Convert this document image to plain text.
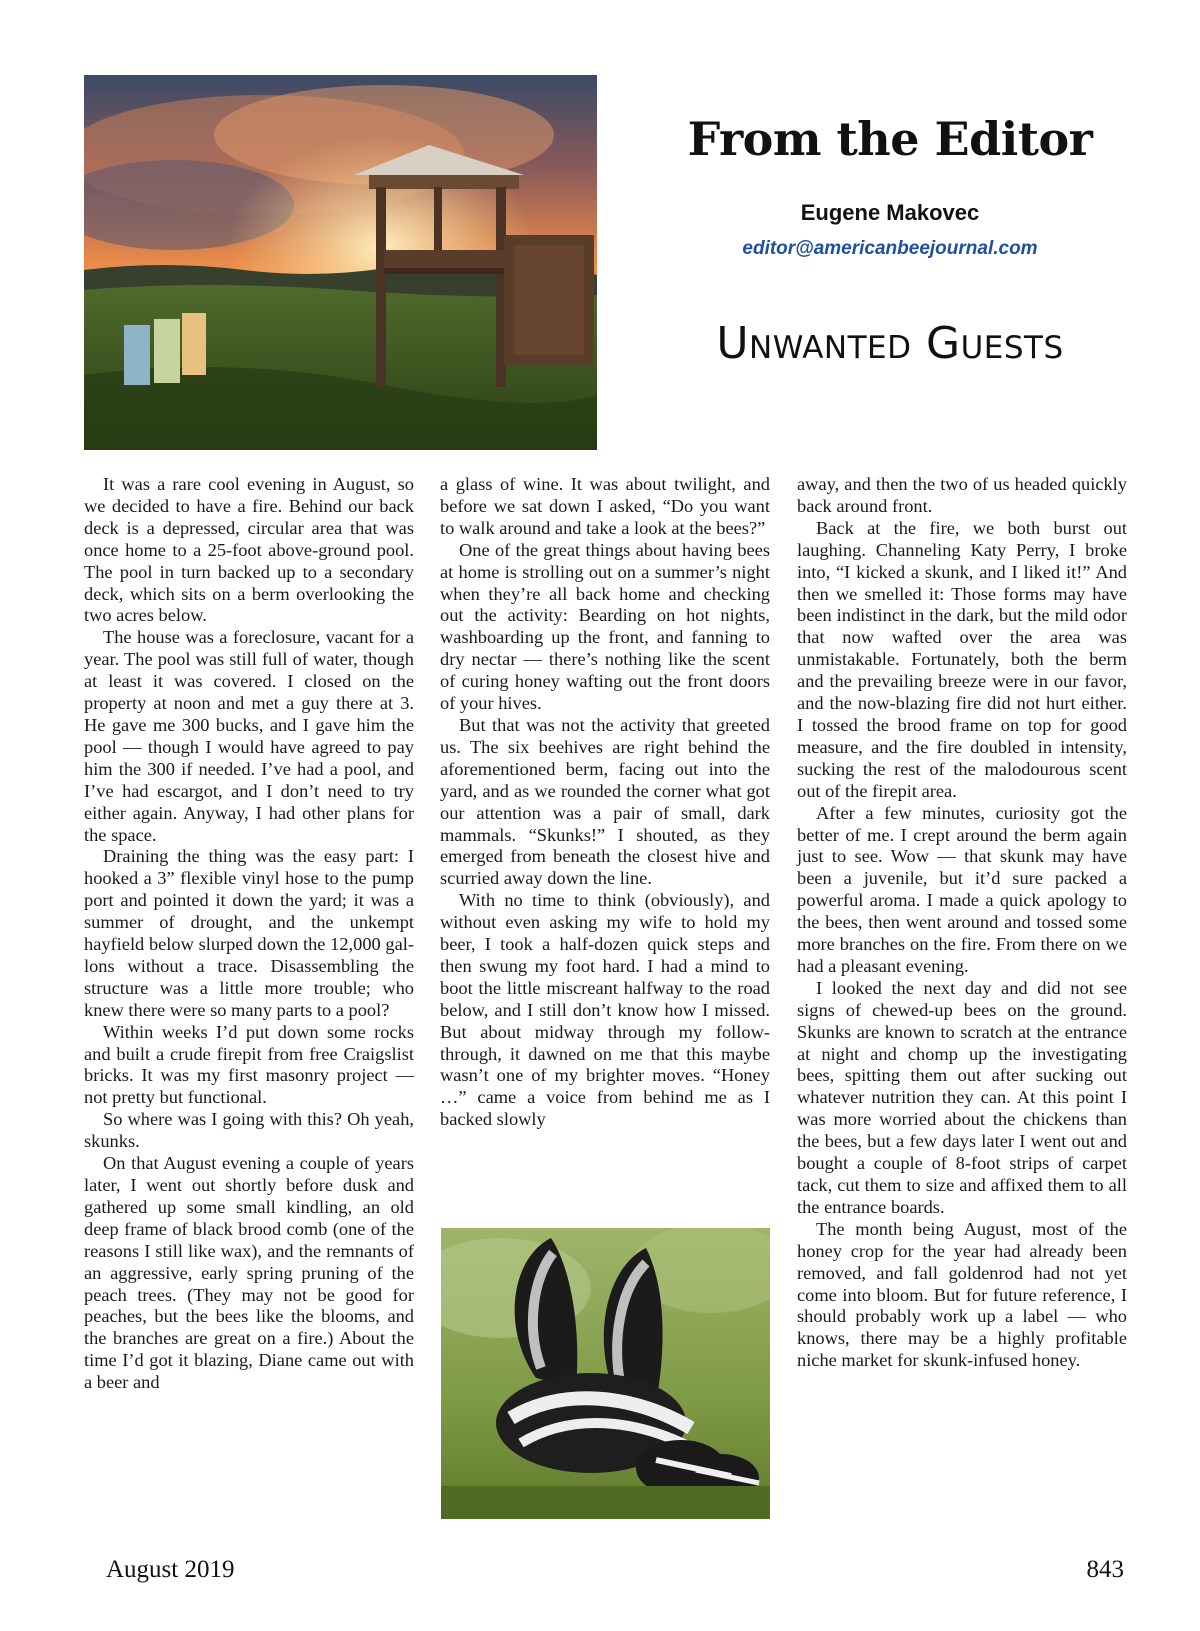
From the Editor
Eugene Makovec
editor@americanbeejournal.com
Unwanted Guests

It was a rare cool evening in August, so we decided to have a fire. Behind our back deck is a depressed, circular area that was once home to a 25-foot above-ground pool. The pool in turn backed up to a secondary deck, which sits on a berm overlooking the two acres below.

The house was a foreclosure, vacant for a year. The pool was still full of water, though at least it was covered. I closed on the property at noon and met a guy there at 3. He gave me 300 bucks, and I gave him the pool — though I would have agreed to pay him the 300 if needed. I’ve had a pool, and I’ve had escargot, and I don’t need to try either again. Anyway, I had other plans for the space.

Draining the thing was the easy part: I hooked a 3” flexible vinyl hose to the pump port and pointed it down the yard; it was a summer of drought, and the unkempt hayfield below slurped down the 12,000 gallons without a trace. Disassembling the structure was a little more trouble; who knew there were so many parts to a pool?

Within weeks I’d put down some rocks and built a crude firepit from free Craigslist bricks. It was my first masonry project — not pretty but functional.

So where was I going with this? Oh yeah, skunks.

On that August evening a couple of years later, I went out shortly before dusk and gathered up some small kindling, an old deep frame of black brood comb (one of the reasons I still like wax), and the remnants of an aggressive, early spring pruning of the peach trees. (They may not be good for peaches, but the bees like the blooms, and the branches are great on a fire.) About the time I’d got it blazing, Diane came out with a beer and

a glass of wine. It was about twilight, and before we sat down I asked, “Do you want to walk around and take a look at the bees?”

One of the great things about having bees at home is strolling out on a summer’s night when they’re all back home and checking out the activity: Bearding on hot nights, washboarding up the front, and fanning to dry nectar — there’s nothing like the scent of curing honey wafting out the front doors of your hives.

But that was not the activity that greeted us. The six beehives are right behind the aforementioned berm, facing out into the yard, and as we rounded the corner what got our attention was a pair of small, dark mammals. “Skunks!” I shouted, as they emerged from beneath the closest hive and scurried away down the line.

With no time to think (obviously), and without even asking my wife to hold my beer, I took a half-dozen quick steps and then swung my foot hard. I had a mind to boot the little miscreant halfway to the road below, and I still don’t know how I missed. But about midway through my follow-through, it dawned on me that this maybe wasn’t one of my brighter moves. “Honey …” came a voice from behind me as I backed slowly

away, and then the two of us headed quickly back around front.

Back at the fire, we both burst out laughing. Channeling Katy Perry, I broke into, “I kicked a skunk, and I liked it!” And then we smelled it: Those forms may have been indistinct in the dark, but the mild odor that now wafted over the area was unmistakable. Fortunately, both the berm and the prevailing breeze were in our favor, and the now-blazing fire did not hurt either. I tossed the brood frame on top for good measure, and the fire doubled in intensity, sucking the rest of the malodourous scent out of the firepit area.

After a few minutes, curiosity got the better of me. I crept around the berm again just to see. Wow — that skunk may have been a juvenile, but it’d sure packed a powerful aroma. I made a quick apology to the bees, then went around and tossed some more branches on the fire. From there on we had a pleasant evening.

I looked the next day and did not see signs of chewed-up bees on the ground. Skunks are known to scratch at the entrance at night and chomp up the investigating bees, spitting them out after sucking out whatever nutrition they can. At this point I was more worried about the chickens than the bees, but a few days later I went out and bought a couple of 8-foot strips of carpet tack, cut them to size and affixed them to all the entrance boards.

The month being August, most of the honey crop for the year had already been removed, and fall goldenrod had not yet come into bloom. But for future reference, I should probably work up a label — who knows, there may be a highly profitable niche market for skunk-infused honey.

August 2019	843
